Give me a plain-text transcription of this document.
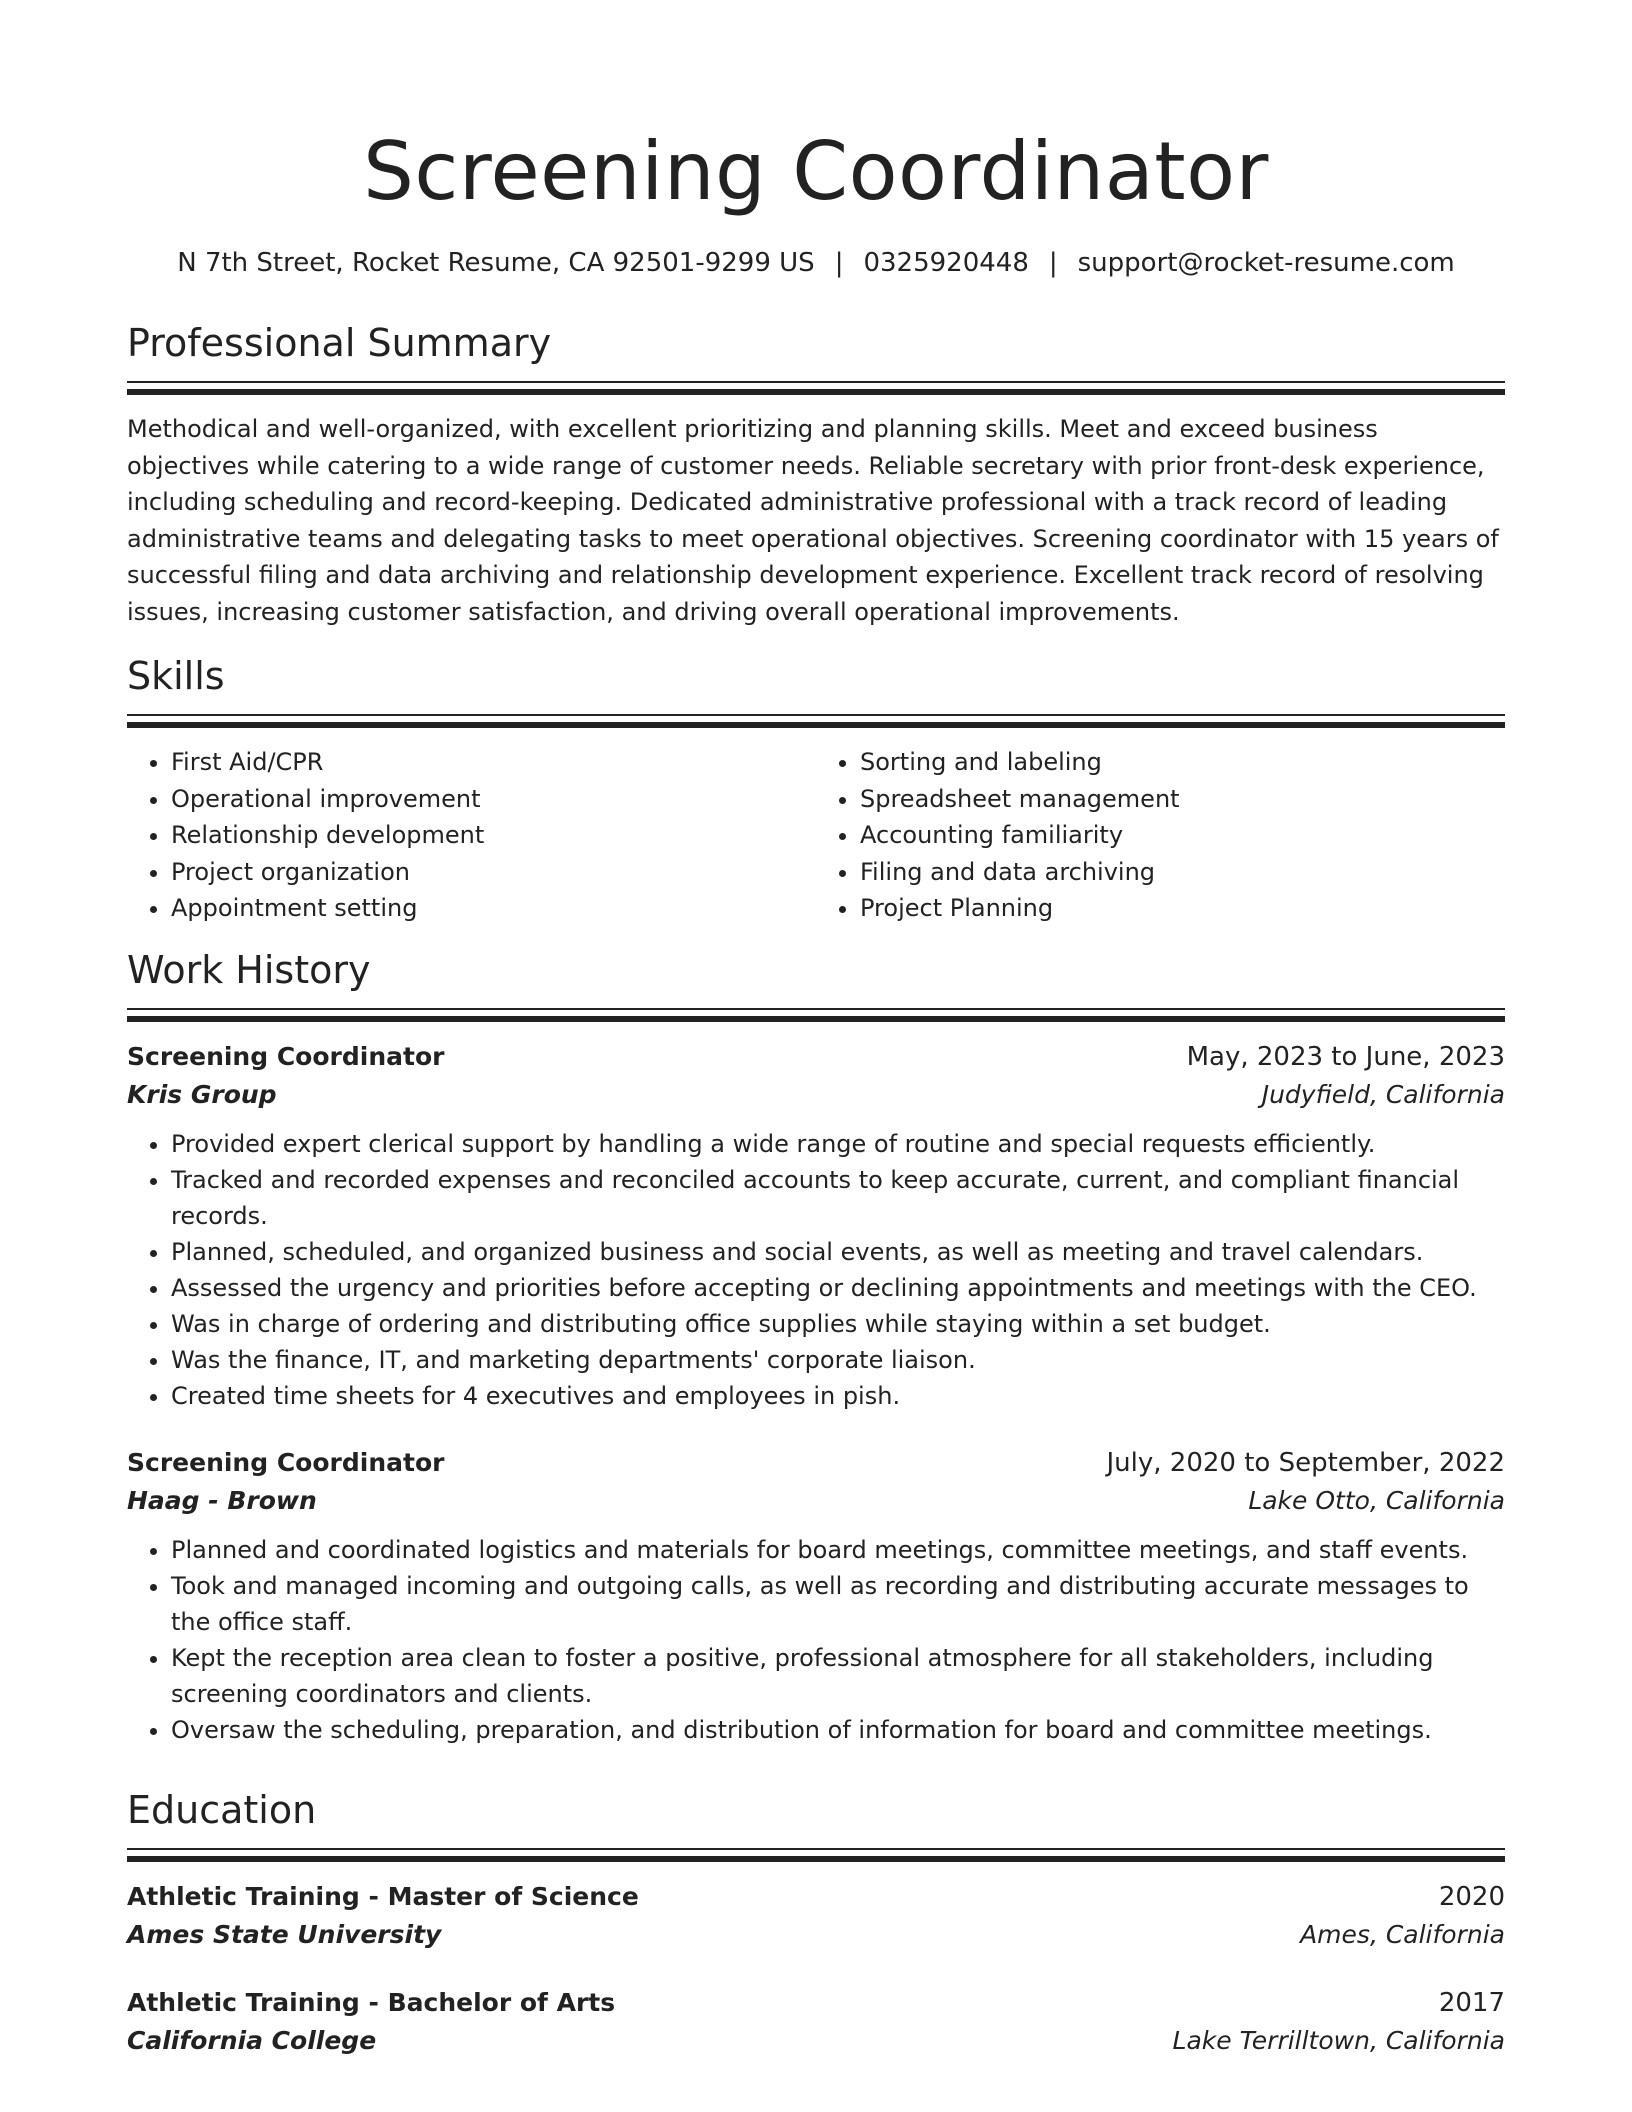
Screening Coordinator
N 7th Street, Rocket Resume, CA 92501-9299 US | 0325920448 | support@rocket-resume.com
Professional Summary
Methodical and well-organized, with excellent prioritizing and planning skills. Meet and exceed business objectives while catering to a wide range of customer needs. Reliable secretary with prior front-desk experience, including scheduling and record-keeping. Dedicated administrative professional with a track record of leading administrative teams and delegating tasks to meet operational objectives. Screening coordinator with 15 years of successful filing and data archiving and relationship development experience. Excellent track record of resolving issues, increasing customer satisfaction, and driving overall operational improvements.
Skills
• First Aid/CPR
• Operational improvement
• Relationship development
• Project organization
• Appointment setting
• Sorting and labeling
• Spreadsheet management
• Accounting familiarity
• Filing and data archiving
• Project Planning
Work History
Screening Coordinator	May, 2023 to June, 2023
Kris Group	Judyfield, California
• Provided expert clerical support by handling a wide range of routine and special requests efficiently.
• Tracked and recorded expenses and reconciled accounts to keep accurate, current, and compliant financial records.
• Planned, scheduled, and organized business and social events, as well as meeting and travel calendars.
• Assessed the urgency and priorities before accepting or declining appointments and meetings with the CEO.
• Was in charge of ordering and distributing office supplies while staying within a set budget.
• Was the finance, IT, and marketing departments' corporate liaison.
• Created time sheets for 4 executives and employees in pish.
Screening Coordinator	July, 2020 to September, 2022
Haag - Brown	Lake Otto, California
• Planned and coordinated logistics and materials for board meetings, committee meetings, and staff events.
• Took and managed incoming and outgoing calls, as well as recording and distributing accurate messages to the office staff.
• Kept the reception area clean to foster a positive, professional atmosphere for all stakeholders, including screening coordinators and clients.
• Oversaw the scheduling, preparation, and distribution of information for board and committee meetings.
Education
Athletic Training - Master of Science	2020
Ames State University	Ames, California
Athletic Training - Bachelor of Arts	2017
California College	Lake Terrilltown, California
